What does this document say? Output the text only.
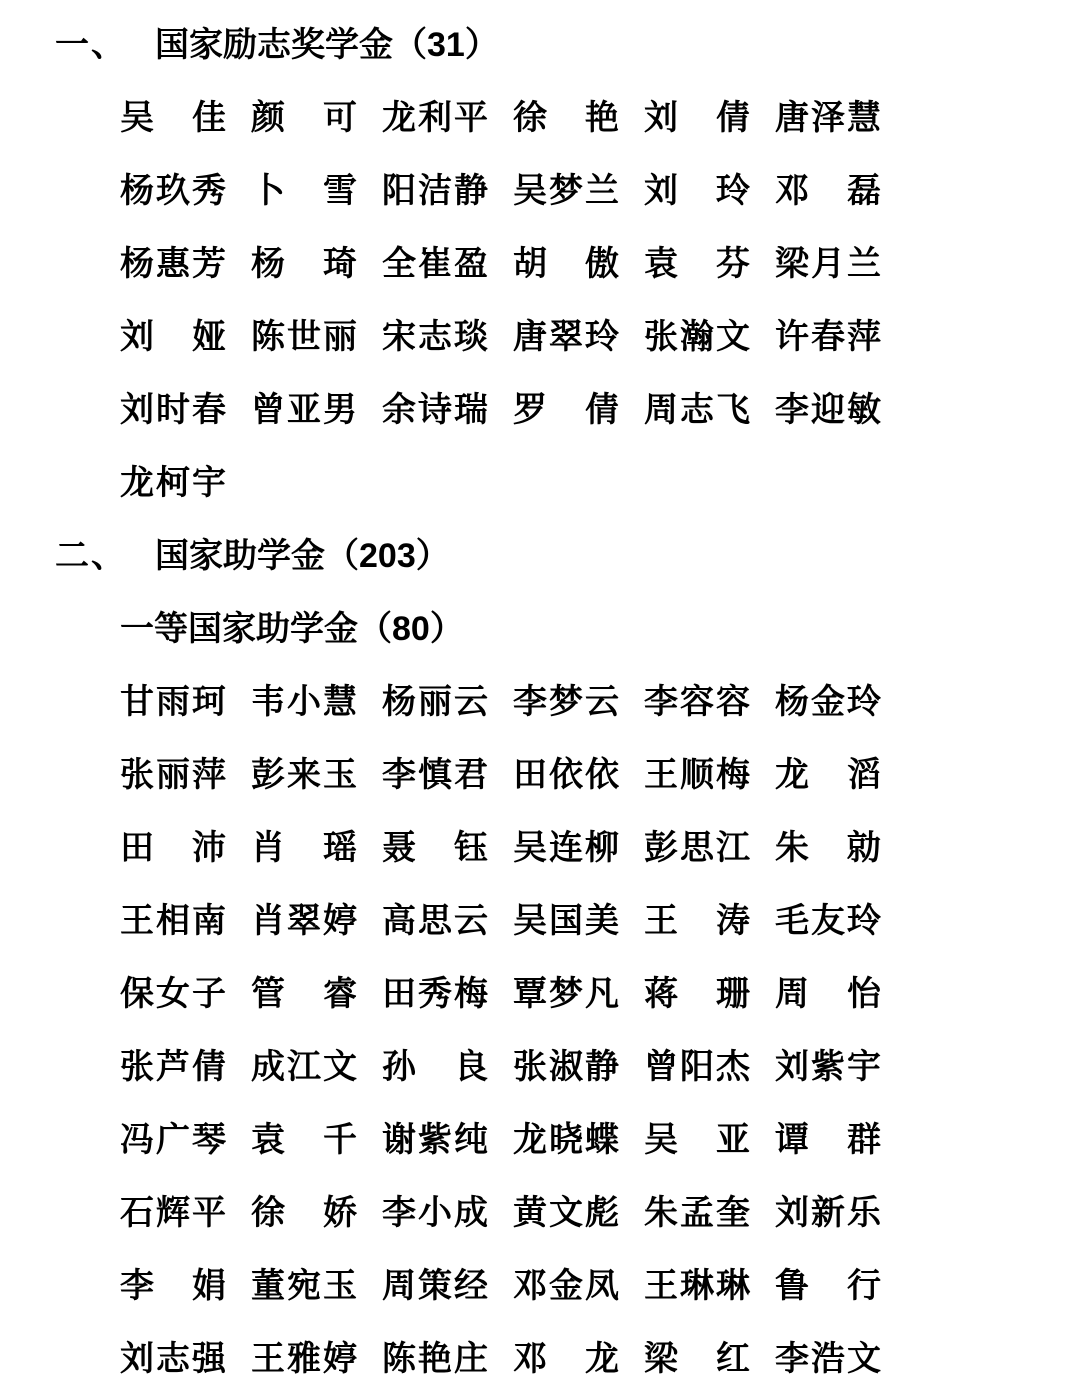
一、 国家励志奖学金（31）
吴佳 颜可 龙利平 徐艳 刘倩 唐泽慧
杨玖秀 卜雪 阳洁静 吴梦兰 刘玲 邓磊
杨惠芳 杨琦 全崔盈 胡傲 袁芬 梁月兰
刘娅 陈世丽 宋志琰 唐翠玲 张瀚文 许春萍
刘时春 曾亚男 余诗瑞 罗倩 周志飞 李迎敏
龙柯宇
二、 国家助学金（203）
一等国家助学金（80）
甘雨珂 韦小慧 杨丽云 李梦云 李容容 杨金玲
张丽萍 彭来玉 李慎君 田依依 王顺梅 龙滔
田沛 肖瑶 聂钰 吴连柳 彭思江 朱勍
王相南 肖翠婷 高思云 吴国美 王涛 毛友玲
保女子 管睿 田秀梅 覃梦凡 蒋珊 周怡
张芦倩 成江文 孙良 张淑静 曾阳杰 刘紫宇
冯广琴 袁千 谢紫纯 龙晓蝶 吴亚 谭群
石辉平 徐娇 李小成 黄文彪 朱孟奎 刘新乐
李娟 董宛玉 周策经 邓金凤 王琳琳 鲁行
刘志强 王雅婷 陈艳庄 邓龙 梁红 李浩文
